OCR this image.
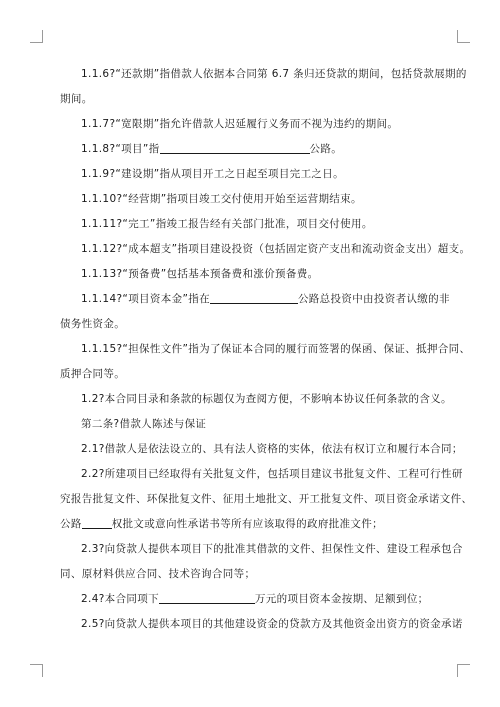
1.1.6?“还款期”指借款人依据本合同第 6.7 条归还贷款的期间，包括贷款展期的

期间。

1.1.7?“宽限期”指允许借款人迟延履行义务而不视为违约的期间。

1.1.8?“项目”指	公路。

1.1.9?“建设期”指从项目开工之日起至项目完工之日。

1.1.10?“经营期”指项目竣工交付使用开始至运营期结束。

1.1.11?“完工”指竣工报告经有关部门批准，项目交付使用。

1.1.12?“成本超支”指项目建设投资（包括固定资产支出和流动资金支出）超支。

1.1.13?“预备费”包括基本预备费和涨价预备费。

1.1.14?“项目资本金”指在	公路总投资中由投资者认缴的非

债务性资金。

1.1.15?“担保性文件”指为了保证本合同的履行而签署的保函、保证、抵押合同、

质押合同等。

1.2?本合同目录和条款的标题仅为查阅方便，不影响本协议任何条款的含义。

第二条?借款人陈述与保证

2.1?借款人是依法设立的、具有法人资格的实体，依法有权订立和履行本合同；

2.2?所建项目已经取得有关批复文件，包括项目建议书批复文件、工程可行性研

究报告批复文件、环保批复文件、征用土地批文、开工批复文件、项目资金承诺文件、

公路	权批文或意向性承诺书等所有应该取得的政府批准文件；

2.3?向贷款人提供本项目下的批准其借款的文件、担保性文件、建设工程承包合

同、原材料供应合同、技术咨询合同等；

2.4?本合同项下	万元的项目资本金按期、足额到位；

2.5?向贷款人提供本项目的其他建设资金的贷款方及其他资金出资方的资金承诺
